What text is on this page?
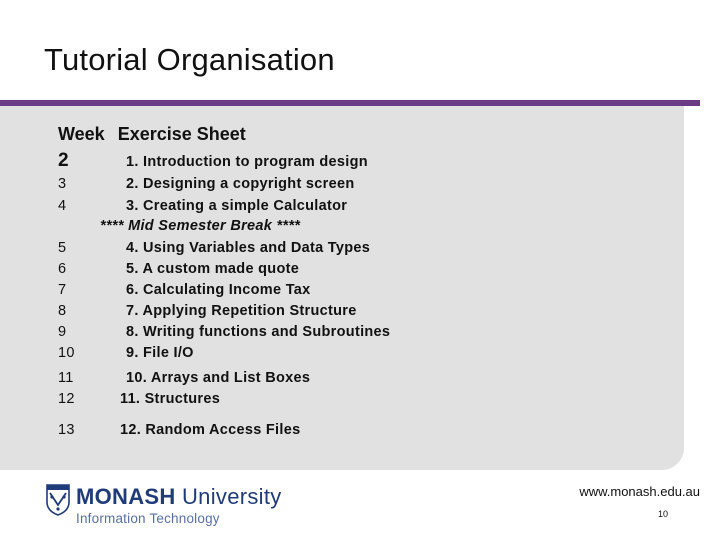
Tutorial Organisation
Week Exercise Sheet
2	1. Introduction to program design
3	2. Designing a copyright screen
4	3. Creating a simple Calculator
**** Mid Semester Break ****
5	4. Using Variables and Data Types
6	5. A custom made quote
7	6. Calculating Income Tax
8	7. Applying Repetition Structure
9	8. Writing functions and Subroutines
10	9. File I/O
11	10. Arrays and List Boxes
12	11. Structures
13	12. Random Access Files
MONASH University
Information Technology
www.monash.edu.au
10
